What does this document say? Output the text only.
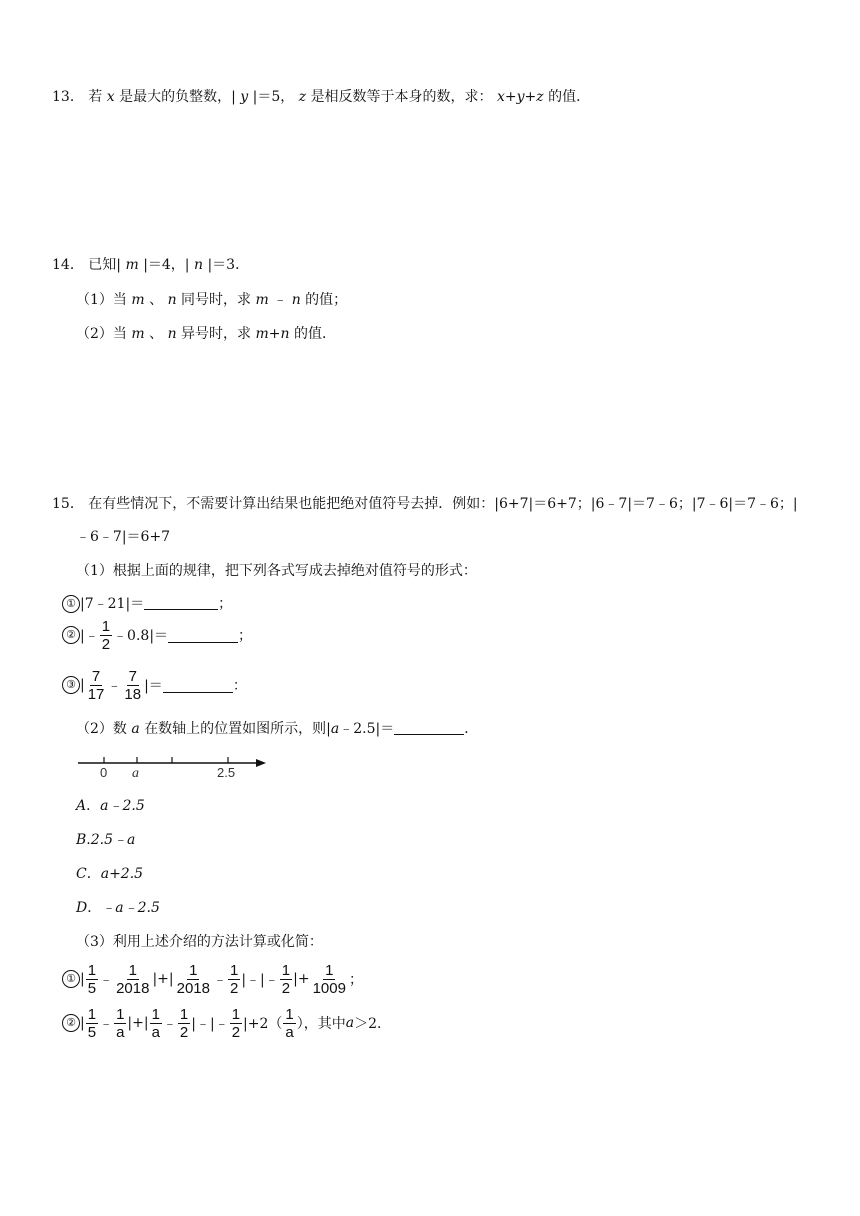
13． 若 x 是最大的负整数，| y |＝5， z 是相反数等于本身的数，求： x+y+z 的值．
14． 已知| m |＝4，| n |＝3．
（1）当 m 、 n 同号时，求 m ﹣ n 的值；
（2）当 m 、 n 异号时，求 m+n 的值．
15． 在有些情况下，不需要计算出结果也能把绝对值符号去掉．例如：|6+7|＝6+7；|6﹣7|＝7﹣6；|7﹣6|＝7﹣6；|
﹣6﹣7|＝6+7
（1）根据上面的规律，把下列各式写成去掉绝对值符号的形式：
① |7﹣21|＝	；
② |﹣ $\frac{1}{2}$ ﹣0.8|＝	；
③ | $\frac{7}{17}$ ﹣ $\frac{7}{18}$ |＝	：
（2）数 a 在数轴上的位置如图所示，则|a﹣2.5|＝	．
0 a	2.5
A．a﹣2.5
B.2.5﹣a
C．a+2.5
D．﹣a﹣2.5
（3）利用上述介绍的方法计算或化简：
① | $\frac{1}{5}$ ﹣ $\frac{1}{2018}$ |+| $\frac{1}{2018}$ ﹣ $\frac{1}{2}$ |﹣|﹣ $\frac{1}{2}$ |+ $\frac{1}{1009}$ ；
② | $\frac{1}{5}$ ﹣ $\frac{1}{a}$ |+| $\frac{1}{a}$ ﹣ $\frac{1}{2}$ |﹣|﹣ $\frac{1}{2} |+2( \frac{1}{a}$ ），其中 a ＞2．
